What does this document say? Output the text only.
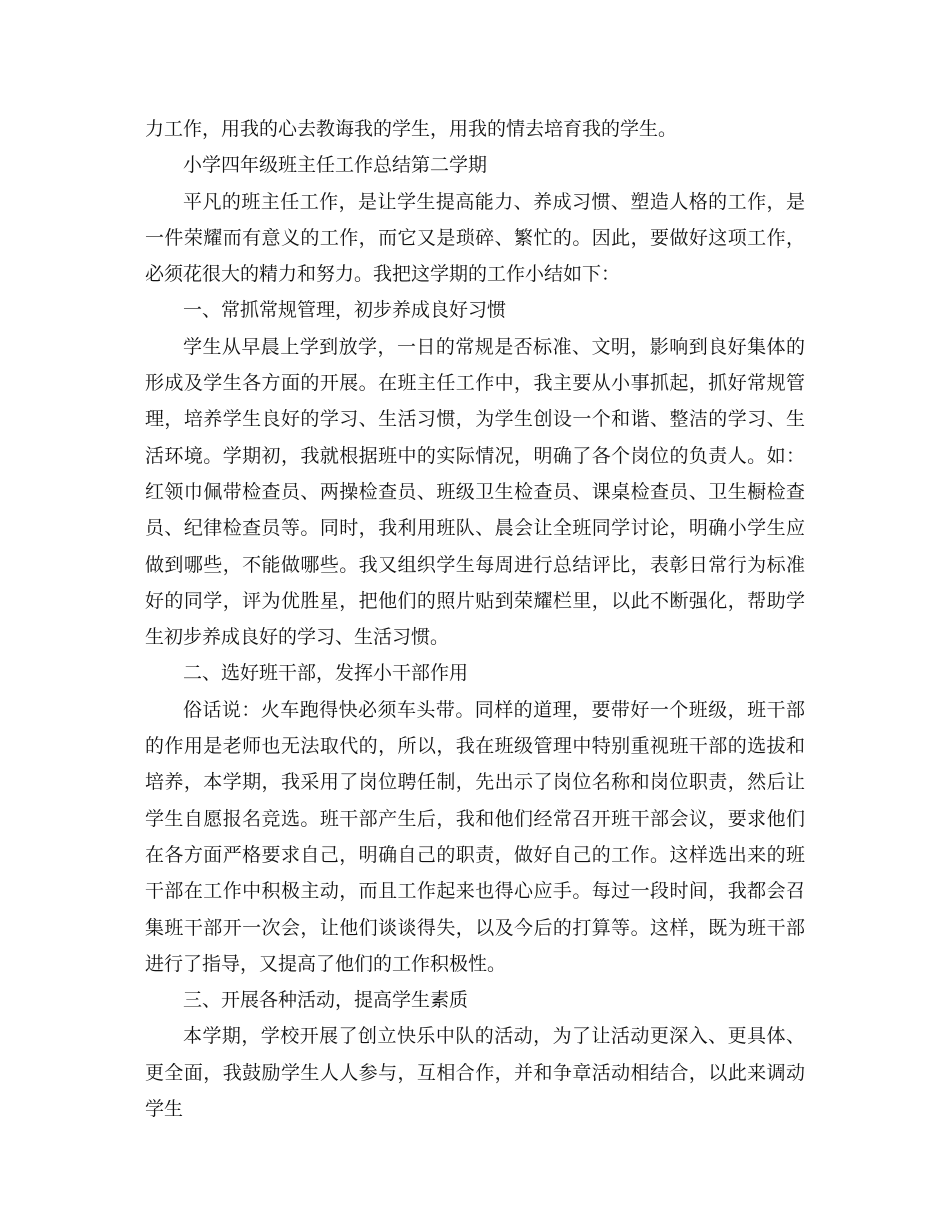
力工作，用我的心去教诲我的学生，用我的情去培育我的学生。

小学四年级班主任工作总结第二学期

平凡的班主任工作，是让学生提高能力、养成习惯、塑造人格的工作，是一件荣耀而有意义的工作，而它又是琐碎、繁忙的。因此，要做好这项工作，必须花很大的精力和努力。我把这学期的工作小结如下：

一、常抓常规管理，初步养成良好习惯

学生从早晨上学到放学，一日的常规是否标准、文明，影响到良好集体的形成及学生各方面的开展。在班主任工作中，我主要从小事抓起，抓好常规管理，培养学生良好的学习、生活习惯，为学生创设一个和谐、整洁的学习、生活环境。学期初，我就根据班中的实际情况，明确了各个岗位的负责人。如：红领巾佩带检查员、两操检查员、班级卫生检查员、课桌检查员、卫生橱检查员、纪律检查员等。同时，我利用班队、晨会让全班同学讨论，明确小学生应做到哪些，不能做哪些。我又组织学生每周进行总结评比，表彰日常行为标准好的同学，评为优胜星，把他们的照片贴到荣耀栏里，以此不断强化，帮助学生初步养成良好的学习、生活习惯。

二、选好班干部，发挥小干部作用

俗话说：火车跑得快必须车头带。同样的道理，要带好一个班级，班干部的作用是老师也无法取代的，所以，我在班级管理中特别重视班干部的选拔和培养，本学期，我采用了岗位聘任制，先出示了岗位名称和岗位职责，然后让学生自愿报名竞选。班干部产生后，我和他们经常召开班干部会议，要求他们在各方面严格要求自己，明确自己的职责，做好自己的工作。这样选出来的班干部在工作中积极主动，而且工作起来也得心应手。每过一段时间，我都会召集班干部开一次会，让他们谈谈得失，以及今后的打算等。这样，既为班干部进行了指导，又提高了他们的工作积极性。

三、开展各种活动，提高学生素质

本学期，学校开展了创立快乐中队的活动，为了让活动更深入、更具体、更全面，我鼓励学生人人参与，互相合作，并和争章活动相结合，以此来调动学生
